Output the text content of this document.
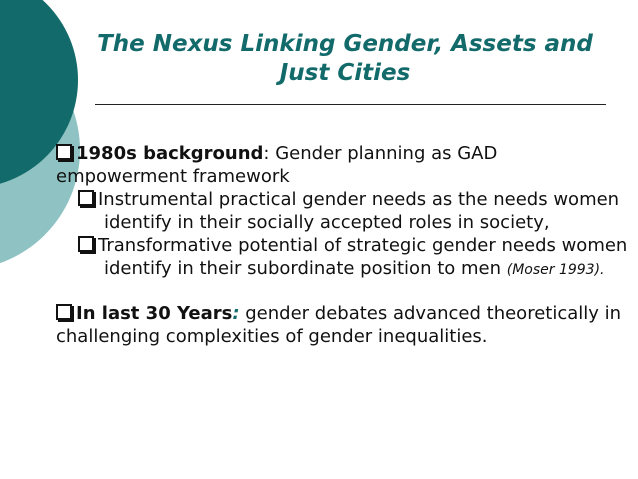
The Nexus Linking Gender, Assets and
Just Cities

1980s background: Gender planning as GAD
empowerment framework

Instrumental practical gender needs as the needs women identify in their socially accepted roles in society,

Transformative potential of strategic gender needs women identify in their subordinate position to men (Moser 1993).

In last 30 Years: gender debates advanced theoretically in challenging complexities of gender inequalities.
